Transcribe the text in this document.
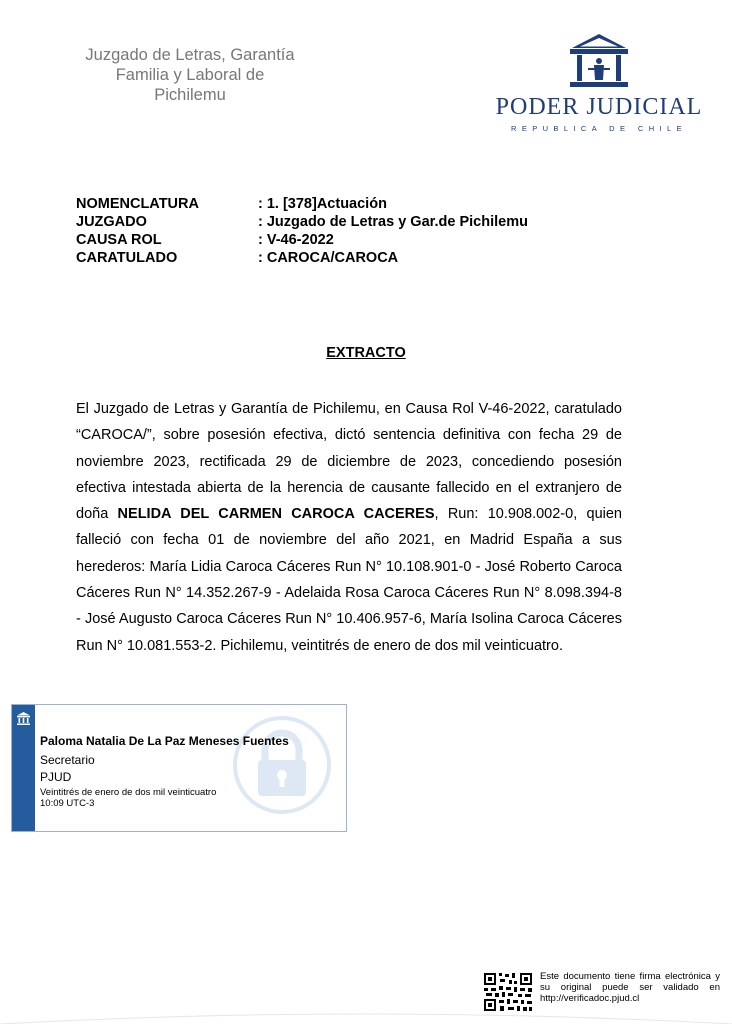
Juzgado de Letras, Garantía
Familia y Laboral de
Pichilemu	PODER JUDICIAL
REPUBLICA DE CHILE
NOMENCLATURA	: 1. [378]Actuación
JUZGADO	: Juzgado de Letras y Gar.de Pichilemu
CAUSA ROL	: V-46-2022
CARATULADO	: CAROCA/CAROCA
EXTRACTO

El Juzgado de Letras y Garantía de Pichilemu, en Causa Rol V-46-2022, caratulado “CAROCA/”, sobre posesión efectiva, dictó sentencia definitiva con fecha 29 de noviembre 2023, rectificada 29 de diciembre de 2023, concediendo posesión efectiva intestada abierta de la herencia de causante fallecido en el extranjero de doña NELIDA DEL CARMEN CAROCA CACERES, Run: 10.908.002-0, quien falleció con fecha 01 de noviembre del año 2021, en Madrid España a sus herederos: María Lidia Caroca Cáceres Run N° 10.108.901-0 - José Roberto Caroca Cáceres Run N° 14.352.267-9 - Adelaida Rosa Caroca Cáceres Run N° 8.098.394-8 - José Augusto Caroca Cáceres Run N° 10.406.957-6, María Isolina Caroca Cáceres Run N° 10.081.553-2. Pichilemu, veintitrés de enero de dos mil veinticuatro.

Paloma Natalia De La Paz Meneses Fuentes
Secretario
PJUD
Veintitrés de enero de dos mil veinticuatro
10:09 UTC-3

Este documento tiene firma electrónica y su original puede ser validado en http://verificadoc.pjud.cl
